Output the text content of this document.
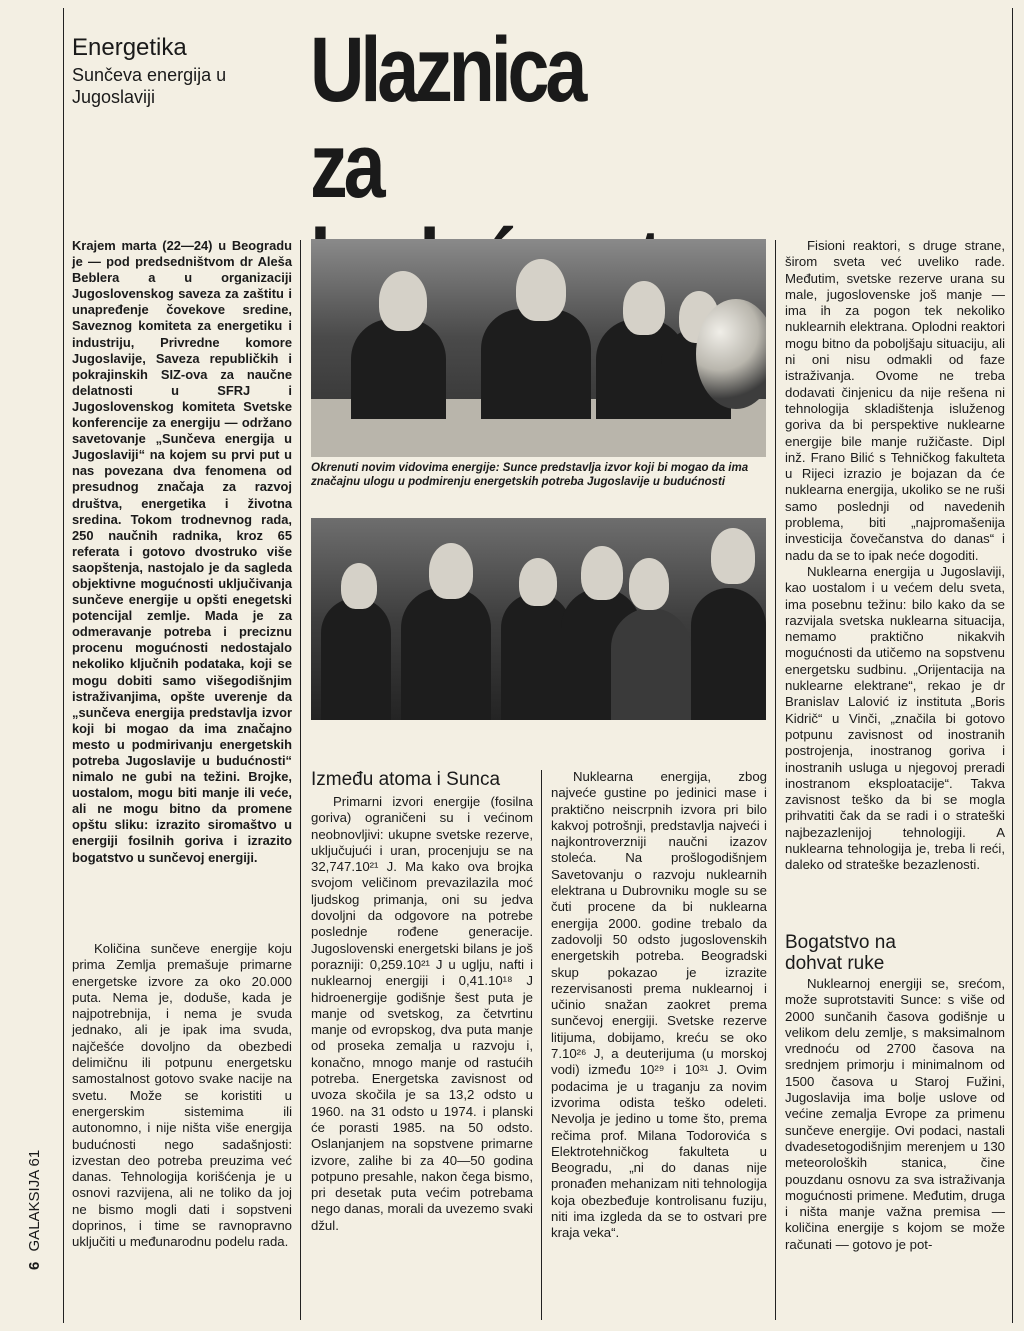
Energetika
Sunčeva energija u Jugoslaviji	Ulaznica
za

Krajem marta (22—24) u Beogradu je — pod predsedništvom dr Aleša Beblera a u organizaciji Jugoslovenskog saveza za zaštitu i unapređenje čovekove sredine, Saveznog komiteta za energetiku i industriju, Privredne komore Jugoslavije, Saveza republičkih i pokrajinskih SIZ-ova za naučne delatnosti u SFRJ i Jugoslovenskog komiteta Svetske konferencije za energiju — održano savetovanje „Sunčeva energija u Jugoslaviji“ na kojem su prvi put u nas povezana dva fenomena od presudnog značaja za razvoj društva, energetika i životna sredina. Tokom trodnevnog rada, 250 naučnih radnika, kroz 65 referata i gotovo dvostruko više saopštenja, nastojalo je da sagleda objektivne mogućnosti uključivanja sunčeve energije u opšti enegetski potencijal zemlje. Mada je za odmeravanje potreba i preciznu procenu mogućnosti nedostajalo nekoliko ključnih podataka, koji se mogu dobiti samo višegodišnjim istraživanjima, opšte uverenje da „sunčeva energija predstavlja izvor koji bi mogao da ima značajno mesto u podmirivanju energetskih potreba Jugoslavije u budućnosti“ nimalo ne gubi na težini. Brojke, uostalom, mogu biti manje ili veće, ali ne mogu bitno da promene opštu sliku: izrazito siromaštvo u energiji fosilnih goriva i izrazito bogatstvo u sunčevoj energiji.

Količina sunčeve energije koju prima Zemlja premašuje primarne energetske izvore za oko 20.000 puta. Nema je, doduše, kada je najpotrebnija, i nema je svuda jednako, ali je ipak ima svuda, najčešće dovoljno da obezbedi delimičnu ili potpunu energetsku samostalnost gotovo svake nacije na svetu. Može se koristiti u energerskim sistemima ili autonomno, i nije ništa više energija budućnosti nego sadašnjosti: izvestan deo potreba preuzima već danas. Tehnologija korišćenja je u osnovi razvijena, ali ne toliko da joj ne bismo mogli dati i sopstveni doprinos, i time se ravnopravno uključiti u međunarodnu podelu rada.

Okrenuti novim vidovima energije: Sunce predstavlja izvor koji bi mogao da ima značajnu ulogu u podmirenju energetskih potreba Jugoslavije u budućnosti
Između atoma i Sunca

Primarni izvori energije (fosilna goriva) ograničeni su i većinom neobnovljivi: ukupne svetske rezerve, uključujući i uran, procenjuju se na 32,747.10²¹ J. Ma kako ova brojka svojom veličinom prevazilazila moć ljudskog primanja, oni su jedva dovoljni da odgovore na potrebe poslednje rođene generacije. Jugoslovenski energetski bilans je još porazniji: 0,259.10²¹ J u uglju, nafti i nuklearnoj energiji i 0,41.10¹⁸ J hidroenergije godišnje šest puta je manje od svetskog, za četvrtinu manje od evropskog, dva puta manje od proseka zemalja u razvoju i, konačno, mnogo manje od rastućih potreba. Energetska zavisnost od uvoza skočila je sa 13,2 odsto u 1960. na 31 odsto u 1974. i planski će porasti 1985. na 50 odsto. Oslanjanjem na sopstvene primarne izvore, zalihe bi za 40—50 godina potpuno presahle, nakon čega bismo, pri desetak puta većim potrebama nego danas, morali da uvezemo svaki džul.

Nuklearna energija, zbog najveće gustine po jedinici mase i praktično neiscrpnih izvora pri bilo kakvoj potrošnji, predstavlja najveći i najkontroverzniji naučni izazov stoleća. Na prošlogodišnjem Savetovanju o razvoju nuklearnih elektrana u Dubrovniku mogle su se čuti procene da bi nuklearna energija 2000. godine trebalo da zadovolji 50 odsto jugoslovenskih energetskih potreba. Beogradski skup pokazao je izrazite rezervisanosti prema nuklearnoj i učinio snažan zaokret prema sunčevoj energiji. Svetske rezerve litijuma, dobijamo, kreću se oko 7.10²⁶ J, a deuterijuma (u morskoj vodi) između 10²⁹ i 10³¹ J. Ovim podacima je u traganju za novim izvorima odista teško odeleti. Nevolja je jedino u tome što, prema rečima prof. Milana Todorovića s Elektrotehničkog fakulteta u Beogradu, „ni do danas nije pronađen mehanizam niti tehnologija koja obezbeđuje kontrolisanu fuziju, niti ima izgleda da se to ostvari pre kraja veka“.

Fisioni reaktori, s druge strane, širom sveta već uveliko rade. Međutim, svetske rezerve urana su male, jugoslovenske još manje — ima ih za pogon tek nekoliko nuklearnih elektrana. Oplodni reaktori mogu bitno da poboljšaju situaciju, ali ni oni nisu odmakli od faze istraživanja. Ovome ne treba dodavati činjenicu da nije rešena ni tehnologija skladištenja isluženog goriva da bi perspektive nuklearne energije bile manje ružičaste. Dipl inž. Frano Bilić s Tehničkog fakulteta u Rijeci izrazio je bojazan da će nuklearna energija, ukoliko se ne ruši samo poslednji od navedenih problema, biti „najpromašenija investicija čovečanstva do danas“ i nadu da se to ipak neće dogoditi.

Nuklearna energija u Jugoslaviji, kao uostalom i u većem delu sveta, ima posebnu težinu: bilo kako da se razvijala svetska nuklearna situacija, nemamo praktično nikakvih mogućnosti da utičemo na sopstvenu energetsku sudbinu. „Orijentacija na nuklearne elektrane“, rekao je dr Branislav Lalović iz instituta „Boris Kidrič“ u Vinči, „značila bi gotovo potpunu zavisnost od inostranih postrojenja, inostranog goriva i inostranih usluga u njegovoj preradi inostranom eksploatacije“. Takva zavisnost teško da bi se mogla prihvatiti čak da se radi i o strateški najbezazlenijoj tehnologiji. A nuklearna tehnologija je, treba li reći, daleko od strateške bezazlenosti.

Bogatstvo na dohvat ruke

Nuklearnoj energiji se, srećom, može suprotstaviti Sunce: s više od 2000 sunčanih časova godišnje u velikom delu zemlje, s maksimalnom vrednoću od 2700 časova na srednjem primorju i minimalnom od 1500 časova u Staroj Fužini, Jugoslavija ima bolje uslove od većine zemalja Evrope za primenu sunčeve energije. Ovi podaci, nastali dvadesetogodišnjim merenjem u 130 meteoroloških stanica, čine pouzdanu osnovu za sva istraživanja mogućnosti primene. Međutim, druga i ništa manje važna premisa — količina energije s kojom se može računati — gotovo je pot-

6 GALAKSIJA 61
